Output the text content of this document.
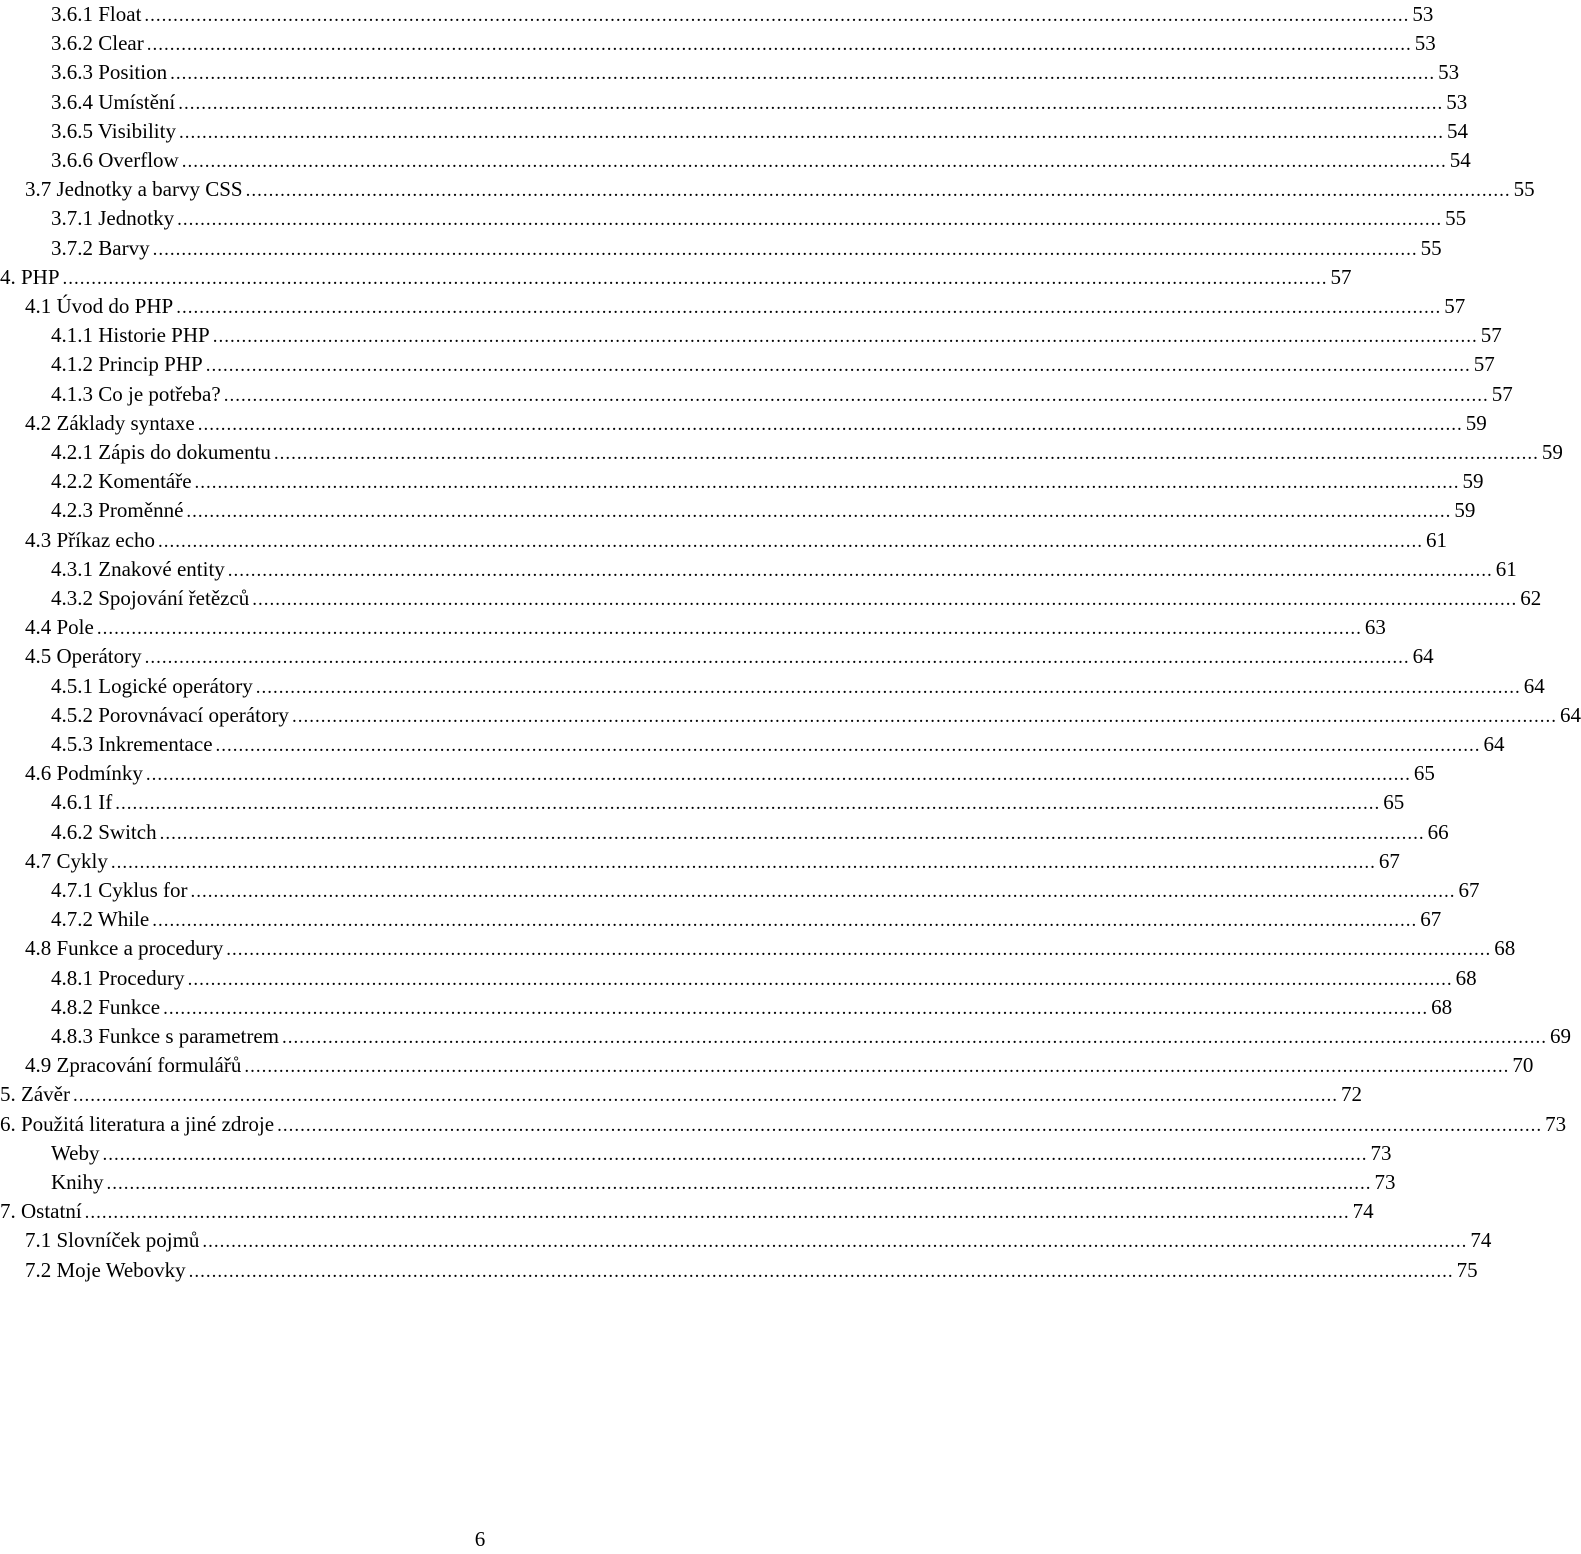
3.6.1 Float ............................................................................................................................................................................................................................ 53
3.6.2 Clear ............................................................................................................................................................................................................................ 53
3.6.3 Position ............................................................................................................................................................................................................................ 53
3.6.4 Umístění ............................................................................................................................................................................................................................ 53
3.6.5 Visibility ............................................................................................................................................................................................................................ 54
3.6.6 Overflow ............................................................................................................................................................................................................................ 54
3.7 Jednotky a barvy CSS ............................................................................................................................................................................................................................ 55
3.7.1 Jednotky ............................................................................................................................................................................................................................ 55
3.7.2 Barvy ............................................................................................................................................................................................................................ 55
4. PHP ............................................................................................................................................................................................................................ 57
4.1 Úvod do PHP ............................................................................................................................................................................................................................ 57
4.1.1 Historie PHP ............................................................................................................................................................................................................................ 57
4.1.2 Princip PHP ............................................................................................................................................................................................................................ 57
4.1.3 Co je potřeba? ............................................................................................................................................................................................................................ 57
4.2 Základy syntaxe ............................................................................................................................................................................................................................ 59
4.2.1 Zápis do dokumentu ............................................................................................................................................................................................................................ 59
4.2.2 Komentáře ............................................................................................................................................................................................................................ 59
4.2.3 Proměnné ............................................................................................................................................................................................................................ 59
4.3 Příkaz echo ............................................................................................................................................................................................................................ 61
4.3.1 Znakové entity ............................................................................................................................................................................................................................ 61
4.3.2 Spojování řetězců ............................................................................................................................................................................................................................ 62
4.4 Pole ............................................................................................................................................................................................................................ 63
4.5 Operátory ............................................................................................................................................................................................................................ 64
4.5.1 Logické operátory ............................................................................................................................................................................................................................ 64
4.5.2 Porovnávací operátory ............................................................................................................................................................................................................................ 64
4.5.3 Inkrementace ............................................................................................................................................................................................................................ 64
4.6 Podmínky ............................................................................................................................................................................................................................ 65
4.6.1 If ............................................................................................................................................................................................................................ 65
4.6.2 Switch ............................................................................................................................................................................................................................ 66
4.7 Cykly ............................................................................................................................................................................................................................ 67
4.7.1 Cyklus for ............................................................................................................................................................................................................................ 67
4.7.2 While ............................................................................................................................................................................................................................ 67
4.8 Funkce a procedury ............................................................................................................................................................................................................................ 68
4.8.1 Procedury ............................................................................................................................................................................................................................ 68
4.8.2 Funkce ............................................................................................................................................................................................................................ 68
4.8.3 Funkce s parametrem ............................................................................................................................................................................................................................ 69
4.9 Zpracování formulářů ............................................................................................................................................................................................................................ 70
5. Závěr ............................................................................................................................................................................................................................ 72
6. Použitá literatura a jiné zdroje ............................................................................................................................................................................................................................ 73
Weby ............................................................................................................................................................................................................................ 73
Knihy ............................................................................................................................................................................................................................ 73
7. Ostatní ............................................................................................................................................................................................................................ 74
7.1 Slovníček pojmů ............................................................................................................................................................................................................................ 74
7.2 Moje Webovky ............................................................................................................................................................................................................................ 75
6
